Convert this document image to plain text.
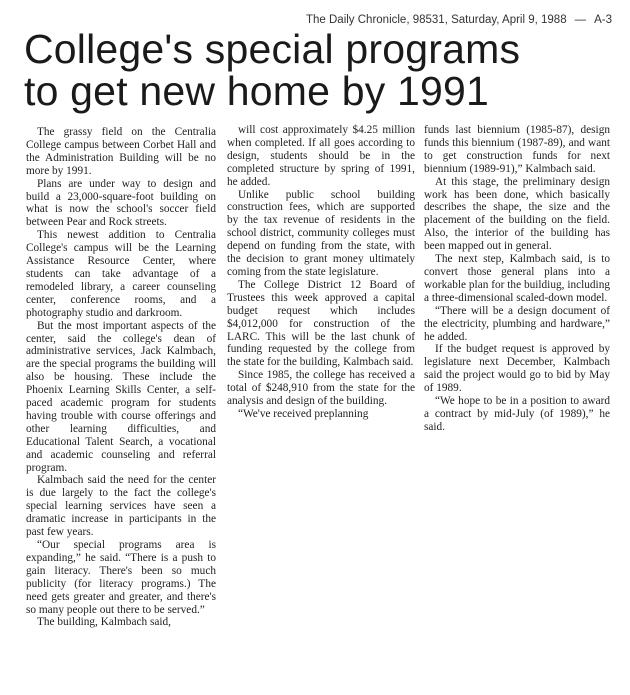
The Daily Chronicle, 98531, Saturday, April 9, 1988 — A-3
College's special programs
to get new home by 1991

The grassy field on the Centralia College campus between Corbet Hall and the Administration Building will be no more by 1991.

Plans are under way to design and build a 23,000-square-foot building on what is now the school's soccer field between Pear and Rock streets.

This newest addition to Centralia College's campus will be the Learning Assistance Resource Center, where students can take advantage of a remodeled library, a career counseling center, conference rooms, and a photography studio and darkroom.

But the most important aspects of the center, said the college's dean of administrative services, Jack Kalmbach, are the special programs the building will also be housing. These include the Phoenix Learning Skills Center, a self-paced academic program for students having trouble with course offerings and other learning difficulties, and Educational Talent Search, a vocational and academic counseling and referral program.

Kalmbach said the need for the center is due largely to the fact the college's special learning services have seen a dramatic increase in participants in the past few years.

“Our special programs area is expanding,” he said. “There is a push to gain literacy. There's been so much publicity (for literacy programs.) The need gets greater and greater, and there's so many people out there to be served.”

The building, Kalmbach said,

will cost approximately $4.25 million when completed. If all goes according to design, students should be in the completed structure by spring of 1991, he added.

Unlike public school building construction fees, which are supported by the tax revenue of residents in the school district, community colleges must depend on funding from the state, with the decision to grant money ultimately coming from the state legislature.

The College District 12 Board of Trustees this week approved a capital budget request which includes $4,012,000 for construction of the LARC. This will be the last chunk of funding requested by the college from the state for the building, Kalmbach said.

Since 1985, the college has received a total of $248,910 from the state for the analysis and design of the building.

“We've received preplanning

funds last biennium (1985-87), design funds this biennium (1987-89), and want to get construction funds for next biennium (1989-91),” Kalmbach said.

At this stage, the preliminary design work has been done, which basically describes the shape, the size and the placement of the building on the field. Also, the interior of the building has been mapped out in general.

The next step, Kalmbach said, is to convert those general plans into a workable plan for the buildiug, including a three-dimensional scaled-down model.

“There will be a design document of the electricity, plumbing and hardware,” he added.

If the budget request is approved by legislature next December, Kalmbach said the project would go to bid by May of 1989.

“We hope to be in a position to award a contract by mid-July (of 1989),” he said.
